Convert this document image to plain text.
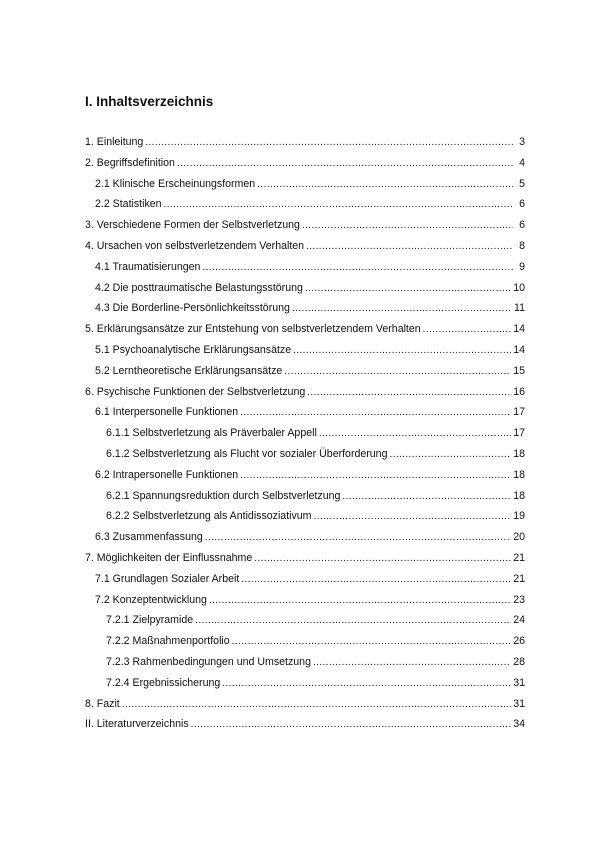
I. Inhaltsverzeichnis
1. Einleitung .....	3
2. Begriffsdefinition .....	4
2.1 Klinische Erscheinungsformen .....	5
2.2 Statistiken .....	6
3. Verschiedene Formen der Selbstverletzung .....	6
4. Ursachen von selbstverletzendem Verhalten .....	8
4.1 Traumatisierungen .....	9
4.2 Die posttraumatische Belastungsstörung .....	10
4.3 Die Borderline-Persönlichkeitsstörung .....	11
5. Erklärungsansätze zur Entstehung von selbstverletzendem Verhalten .....	14
5.1 Psychoanalytische Erklärungsansätze .....	14
5.2 Lerntheoretische Erklärungsansätze .....	15
6. Psychische Funktionen der Selbstverletzung .....	16
6.1 Interpersonelle Funktionen .....	17
6.1.1 Selbstverletzung als Präverbaler Appell .....	17
6.1.2 Selbstverletzung als Flucht vor sozialer Überforderung .....	18
6.2 Intrapersonelle Funktionen .....	18
6.2.1 Spannungsreduktion durch Selbstverletzung .....	18
6.2.2 Selbstverletzung als Antidissoziativum .....	19
6.3 Zusammenfassung .....	20
7. Möglichkeiten der Einflussnahme .....	21
7.1 Grundlagen Sozialer Arbeit .....	21
7.2 Konzeptentwicklung .....	23
7.2.1 Zielpyramide .....	24
7.2.2 Maßnahmenportfolio .....	26
7.2.3 Rahmenbedingungen und Umsetzung .....	28
7.2.4 Ergebnissicherung .....	31
8. Fazit .....	31
II. Literaturverzeichnis .....	34
